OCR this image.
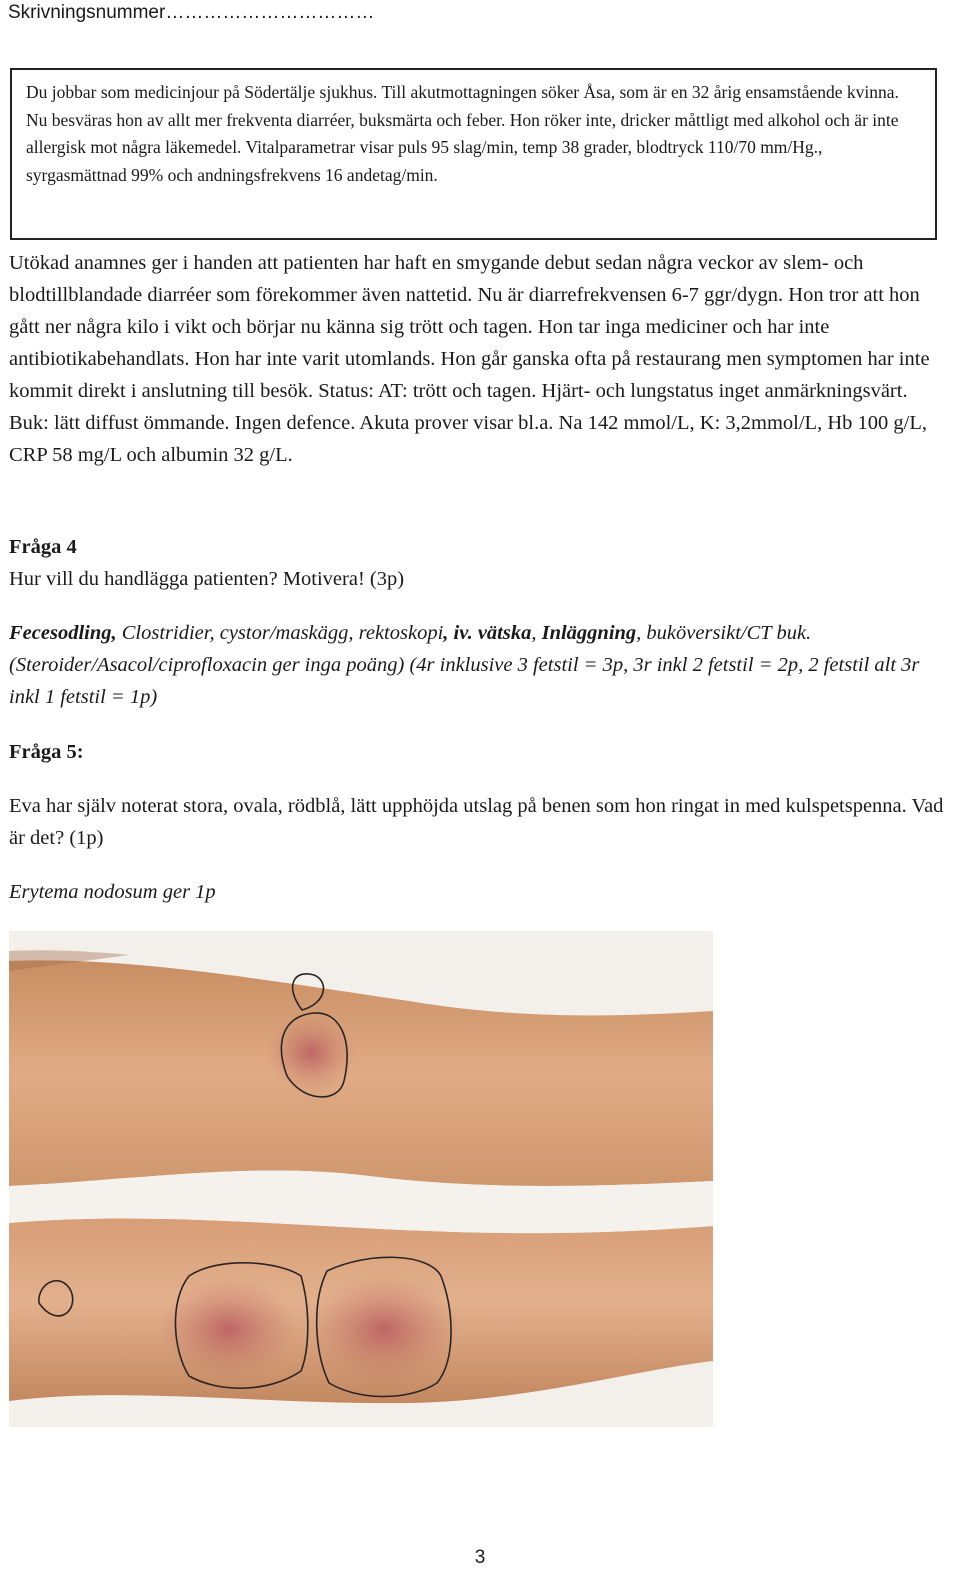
Skrivningsnummer……………………………

Du jobbar som medicinjour på Södertälje sjukhus. Till akutmottagningen söker Åsa, som är en 32 årig ensamstående kvinna. Nu besväras hon av allt mer frekventa diarréer, buksmärta och feber. Hon röker inte, dricker måttligt med alkohol och är inte allergisk mot några läkemedel. Vitalparametrar visar puls 95 slag/min, temp 38 grader, blodtryck 110/70 mm/Hg., syrgasmättnad 99% och andningsfrekvens 16 andetag/min.

Utökad anamnes ger i handen att patienten har haft en smygande debut sedan några veckor av slem- och blodtillblandade diarréer som förekommer även nattetid. Nu är diarrefrekvensen 6-7 ggr/dygn. Hon tror att hon gått ner några kilo i vikt och börjar nu känna sig trött och tagen. Hon tar inga mediciner och har inte antibiotikabehandlats. Hon har inte varit utomlands. Hon går ganska ofta på restaurang men symptomen har inte kommit direkt i anslutning till besök. Status: AT: trött och tagen. Hjärt- och lungstatus inget anmärkningsvärt. Buk: lätt diffust ömmande. Ingen defence. Akuta prover visar bl.a. Na 142 mmol/L, K: 3,2mmol/L, Hb 100 g/L, CRP 58 mg/L och albumin 32 g/L.

Fråga 4
Hur vill du handlägga patienten? Motivera! (3p)
Fecesodling, Clostridier, cystor/maskägg, rektoskopi, iv. vätska, Inläggning, buköversikt/CT buk. (Steroider/Asacol/ciprofloxacin ger inga poäng) (4r inklusive 3 fetstil = 3p, 3r inkl 2 fetstil = 2p, 2 fetstil alt 3r inkl 1 fetstil = 1p)
Fråga 5:
Eva har själv noterat stora, ovala, rödblå, lätt upphöjda utslag på benen som hon ringat in med kulspetspenna. Vad är det? (1p)
Erytema nodosum ger 1p
3
